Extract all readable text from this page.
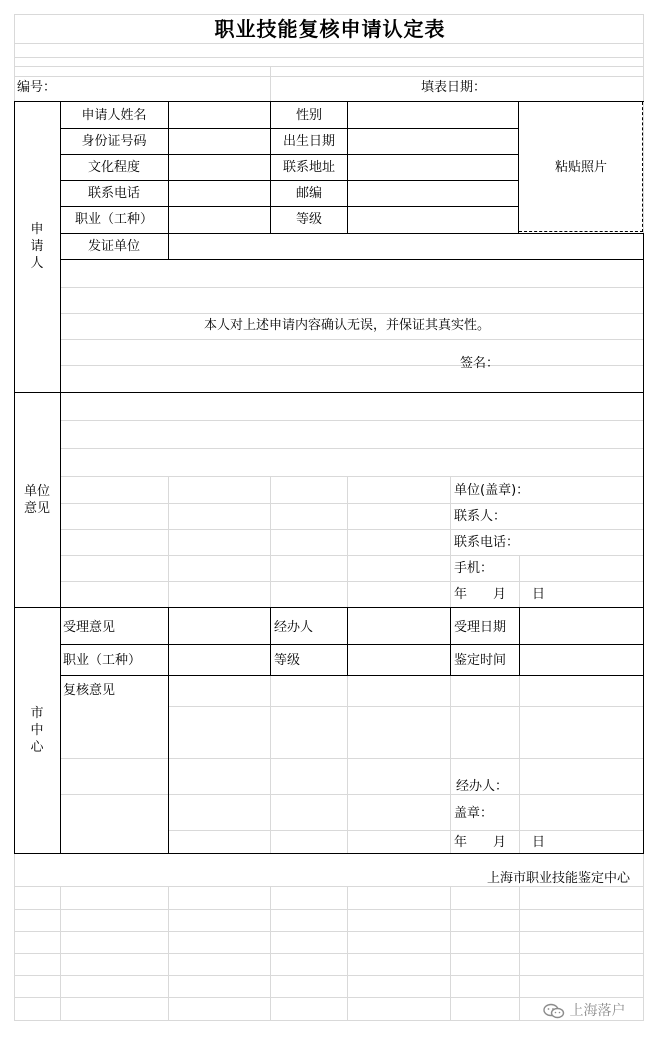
职业技能复核申请认定表
编号：	填表日期：
申
请
人
申请人姓名	性别
身份证号码	出生日期
文化程度	联系地址
联系电话	邮编
职业（工种）	等级
发证单位
粘贴照片
本人对上述申请内容确认无误，并保证其真实性。
签名：
单位
意见
单位(盖章)：
联系人：
联系电话：
手机：
年　　月　　日
市
中
心
受理意见	经办人	受理日期
职业（工种）	等级	鉴定时间
复核意见
经办人：
盖章：
年　　月　　日
上海市职业技能鉴定中心
上海落户
